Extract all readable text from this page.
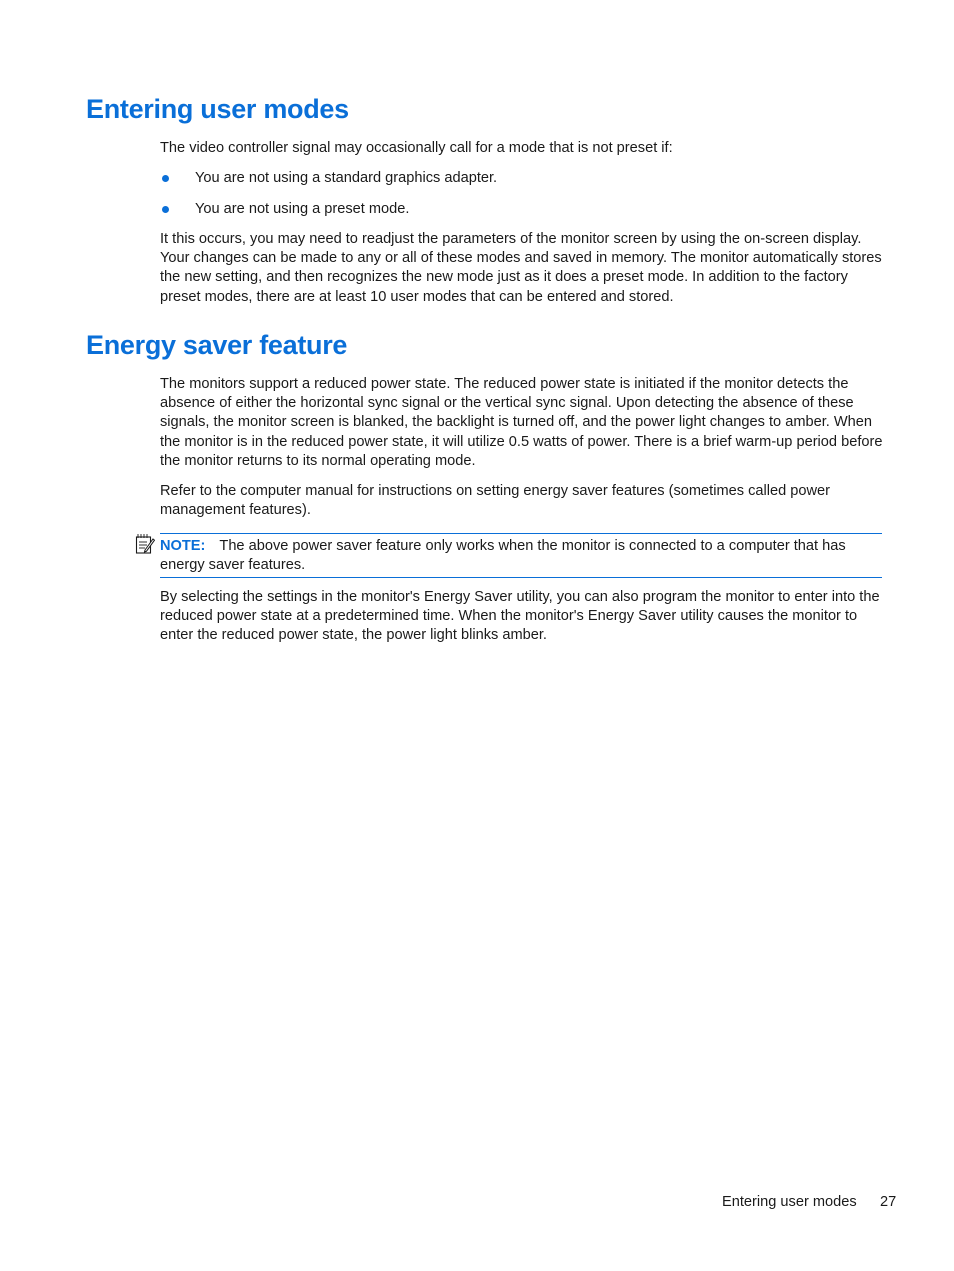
Entering user modes

The video controller signal may occasionally call for a mode that is not preset if:

You are not using a standard graphics adapter.
You are not using a preset mode.

It this occurs, you may need to readjust the parameters of the monitor screen by using the on-screen display. Your changes can be made to any or all of these modes and saved in memory. The monitor automatically stores the new setting, and then recognizes the new mode just as it does a preset mode. In addition to the factory preset modes, there are at least 10 user modes that can be entered and stored.

Energy saver feature

The monitors support a reduced power state. The reduced power state is initiated if the monitor detects the absence of either the horizontal sync signal or the vertical sync signal. Upon detecting the absence of these signals, the monitor screen is blanked, the backlight is turned off, and the power light changes to amber. When the monitor is in the reduced power state, it will utilize 0.5 watts of power. There is a brief warm-up period before the monitor returns to its normal operating mode.

Refer to the computer manual for instructions on setting energy saver features (sometimes called power management features).

NOTE: The above power saver feature only works when the monitor is connected to a computer that has energy saver features.

By selecting the settings in the monitor's Energy Saver utility, you can also program the monitor to enter into the reduced power state at a predetermined time. When the monitor's Energy Saver utility causes the monitor to enter the reduced power state, the power light blinks amber.

Entering user modes 27
